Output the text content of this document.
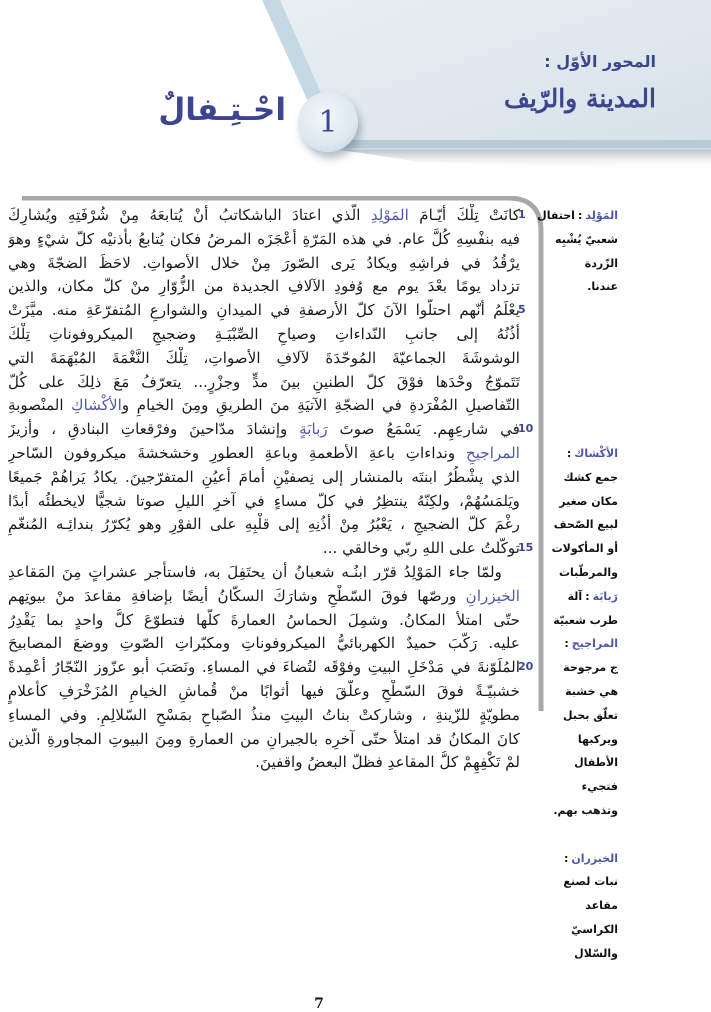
المحور الأوّل :
المدينة والرّيف
1
احْـتِـفالٌ
كانَتْ تِلْكَ أيّـامَ المَوْلِدِ الّذي اعتادَ الباشكاتبُ أنْ يُتابعَهُ مِنْ شُرْفَتِهِ ويُشارِكَ
فيه بنفْسِهِ كُلَّ عام. في هذه المَرّةِ أعْجَزَه المرضُ فكان يُتابعُ بأذنيْه كلّ شيْءٍ وهوَ
يرْقُدُ في فراشِهِ ويكادُ يَرى الصّورَ مِنْ خلال الأصواتِ. لاحَظَ الضجّةَ وهي
تزداد يومًا بعْدَ يوم مع وُفودِ الآلافِ الجديدة من الزُّوّارِ منْ كلّ مكان، والذين
يعْلَمُ أنّهم احتلُّوا الآنَ كلّ الأرصفةِ في الميدانِ والشوارعِ المُتفرّعَةِ منه. ميَّزَتْ
أذُنُهُ إلى جانبِ النّداءاتِ وصياحِ الصِّبْيَـةِ وضجيجِ الميكروفوناتِ تِلْكَ
الوشوشَةَ الجماعيّةَ المُوحّدَةَ لآلافِ الأصواتِ، تِلْكَ النَّغْمَةَ المُبْهَمَةَ التي
تَتَموّجُ وحْدَها فوْقَ كلّ الطنينِ بينَ مدٍّ وجزْرٍ... يتعرّفُ مَعَ ذلِكَ على كُلّ
التّفاصيلِ المُفْرَدةِ في الضجّةِ الآتيَةِ منَ الطريقِ ومِنَ الخيامِ والأكْشاكِ المنْصوبةِ
في شارعِهِم. يَسْمَعُ صوتَ رَبابَةٍ وإنشادَ مدّاحينَ وفرْقعاتِ البنادقِ ، وأزيزَ
المراجيحِ ونداءاتِ باعةِ الأطعمةِ وباعةِ العطورِ وخشخشةَ ميكروفون السّاحرِ
الذي يشْطُرُ ابنتَه بالمنشار إلى نِصفيْنِ أمامَ أعيُنِ المتفرّجينَ. يكادُ يَراهُمْ جَميعًا
ويَلمَسُهُمْ، ولكِنّهُ ينتظِرُ في كلّ مساءٍ في آخرِ الليلِ صوتا شجيًّا لايخطئُه أبدًا
رغْمَ كلّ الضجيجِ ، يَعْبُرُ مِنْ أذُنِهِ إلى قلْبِهِ على الفوْرِ وهو يُكرّرُ بندائِـه المُنغّمِ
توكّلتُ على اللهِ ربّي وخالقي ...
ولمّا جاء المَوْلِدُ قرّر ابنُـه شعبانُ أن يحتَفِلَ به، فاستأجر عشراتٍ مِنَ المَقاعدِ
الخيزرانِ ورصّها فوقَ السّطْحِ وشارَكَ السكّانُ أيضًا بإضافةِ مقاعدَ منْ بيوتِهم
حتّى امتلأ المكانُ. وشمِلَ الحماسُ العمارةَ كلَّها فتطوّعَ كلُّ واحدٍ بما يَقْدِرُ
عليه. رَكّبَ حميدٌ الكهربائيُّ الميكروفوناتِ ومكبّراتِ الصّوتِ ووضعَ المصابيحَ
المُلَوّنةَ في مَدْخَلِ البيتِ وفوْقَه لتُضاءَ في المساءِ. ونَصَبَ أبو عزّوز النّجّارُ أعْمِدةً
خشبيّـةً فوقَ السّطْحِ وعلّقَ فيها أثوابًا منْ قُماشِ الخيامِ المُزَخْرَفِ كأعلامٍ
مطويّةٍ للزّينةِ ، وشاركتْ بناتُ البيتِ منذُ الصّباحِ بمَسْحِ السّلالِمِ. وفي المساءِ
كانَ المكانُ قد امتلأ حتّى آخرِه بالجيرانِ من العمارةِ ومِنَ البيوتِ المجاورةِ الّذين
لمْ تَكْفِهِمْ كلُّ المقاعدِ فظلّ البعضُ واقفينَ.
1
5
10
15
20
المَوْلِد:احتفال
شعبيّ يُشْبِه
الزّردة
عندنا.
الأكْشاك:
جمع كشك
مكان صغير
لبيع الصّحف
أو المأكولات
والمرطّبات
رَبابَة:آلة
طرب شعبيّة
المراجيح:
ج مرجوحة
هي خشبة
تعلّق بحبل
ويركبها
الأطفال
فتجيء
وتذهب بهم.
الخيزران:
نبات لصنع
مقاعد
الكراسيّ
والسّلال
7
